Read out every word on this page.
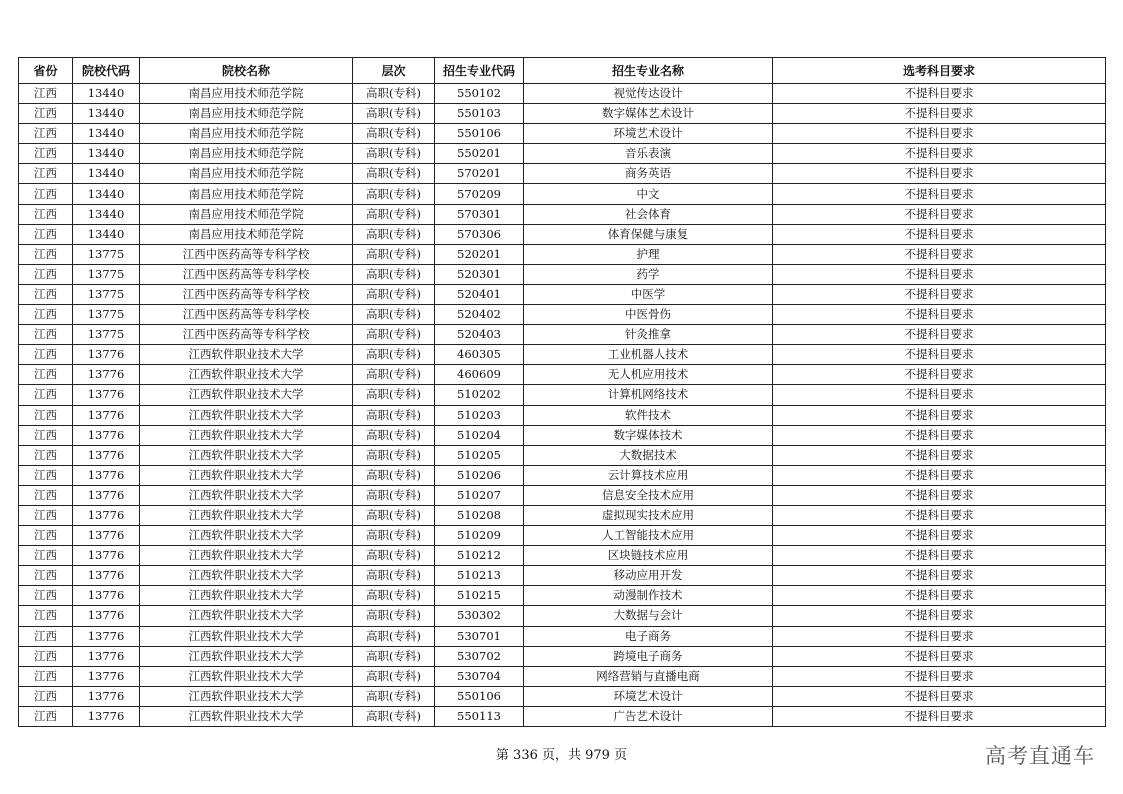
省份	院校代码	院校名称	层次	招生专业代码	招生专业名称	选考科目要求
江西	13440	南昌应用技术师范学院	高职(专科)	550102	视觉传达设计	不提科目要求
江西	13440	南昌应用技术师范学院	高职(专科)	550103	数字媒体艺术设计	不提科目要求
江西	13440	南昌应用技术师范学院	高职(专科)	550106	环境艺术设计	不提科目要求
江西	13440	南昌应用技术师范学院	高职(专科)	550201	音乐表演	不提科目要求
江西	13440	南昌应用技术师范学院	高职(专科)	570201	商务英语	不提科目要求
江西	13440	南昌应用技术师范学院	高职(专科)	570209	中文	不提科目要求
江西	13440	南昌应用技术师范学院	高职(专科)	570301	社会体育	不提科目要求
江西	13440	南昌应用技术师范学院	高职(专科)	570306	体育保健与康复	不提科目要求
江西	13775	江西中医药高等专科学校	高职(专科)	520201	护理	不提科目要求
江西	13775	江西中医药高等专科学校	高职(专科)	520301	药学	不提科目要求
江西	13775	江西中医药高等专科学校	高职(专科)	520401	中医学	不提科目要求
江西	13775	江西中医药高等专科学校	高职(专科)	520402	中医骨伤	不提科目要求
江西	13775	江西中医药高等专科学校	高职(专科)	520403	针灸推拿	不提科目要求
江西	13776	江西软件职业技术大学	高职(专科)	460305	工业机器人技术	不提科目要求
江西	13776	江西软件职业技术大学	高职(专科)	460609	无人机应用技术	不提科目要求
江西	13776	江西软件职业技术大学	高职(专科)	510202	计算机网络技术	不提科目要求
江西	13776	江西软件职业技术大学	高职(专科)	510203	软件技术	不提科目要求
江西	13776	江西软件职业技术大学	高职(专科)	510204	数字媒体技术	不提科目要求
江西	13776	江西软件职业技术大学	高职(专科)	510205	大数据技术	不提科目要求
江西	13776	江西软件职业技术大学	高职(专科)	510206	云计算技术应用	不提科目要求
江西	13776	江西软件职业技术大学	高职(专科)	510207	信息安全技术应用	不提科目要求
江西	13776	江西软件职业技术大学	高职(专科)	510208	虚拟现实技术应用	不提科目要求
江西	13776	江西软件职业技术大学	高职(专科)	510209	人工智能技术应用	不提科目要求
江西	13776	江西软件职业技术大学	高职(专科)	510212	区块链技术应用	不提科目要求
江西	13776	江西软件职业技术大学	高职(专科)	510213	移动应用开发	不提科目要求
江西	13776	江西软件职业技术大学	高职(专科)	510215	动漫制作技术	不提科目要求
江西	13776	江西软件职业技术大学	高职(专科)	530302	大数据与会计	不提科目要求
江西	13776	江西软件职业技术大学	高职(专科)	530701	电子商务	不提科目要求
江西	13776	江西软件职业技术大学	高职(专科)	530702	跨境电子商务	不提科目要求
江西	13776	江西软件职业技术大学	高职(专科)	530704	网络营销与直播电商	不提科目要求
江西	13776	江西软件职业技术大学	高职(专科)	550106	环境艺术设计	不提科目要求
江西	13776	江西软件职业技术大学	高职(专科)	550113	广告艺术设计	不提科目要求
第 336 页，共 979 页	高考直通车
